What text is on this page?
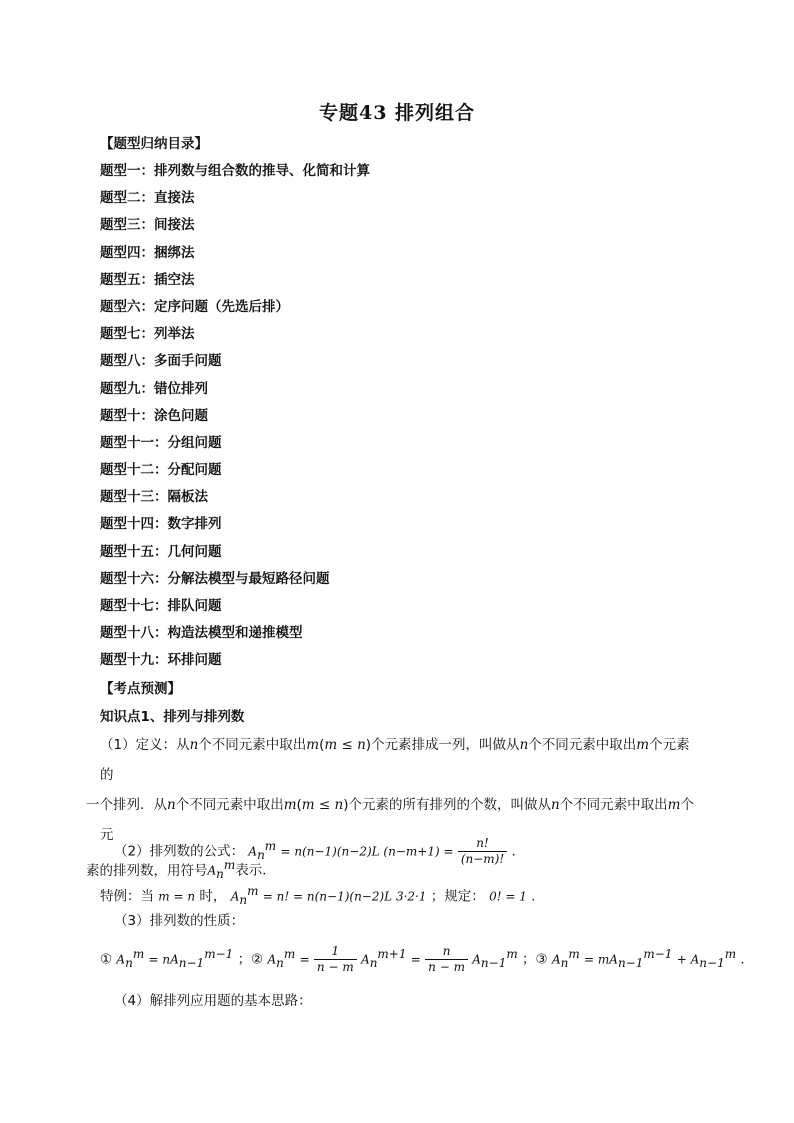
专题43 排列组合
【题型归纳目录】
题型一：排列数与组合数的推导、化简和计算
题型二：直接法
题型三：间接法
题型四：捆绑法
题型五：插空法
题型六：定序问题（先选后排）
题型七：列举法
题型八：多面手问题
题型九：错位排列
题型十：涂色问题
题型十一：分组问题
题型十二：分配问题
题型十三：隔板法
题型十四：数字排列
题型十五：几何问题
题型十六：分解法模型与最短路径问题
题型十七：排队问题
题型十八：构造法模型和递推模型
题型十九：环排问题
【考点预测】
知识点1、排列与排列数
（1）定义：从n个不同元素中取出m(m ≤ n)个元素排成一列，叫做从n个不同元素中取出m个元素的
一个排列．从n个不同元素中取出m(m ≤ n)个元素的所有排列的个数，叫做从n个不同元素中取出m个元
素的排列数，用符号$A_n^m$表示．
（2）排列数的公式： $A_n^m = n(n-1)(n-2)L$ $(n-m+1) = \frac{n!}{(n-m)!}$ .
特例：当 m = n 时， $A_n^m = n$! = n(n−1)(n−2)L 3·2·1 ；规定： 0! = 1 .
（3）排列数的性质：
① $A_n^m = nA_{n-1}^{m-1}$ ；② $A_n^m = \frac{1}{n - m} A_n^{m+1} = \frac{n}{n - m} A_{n-1}^m$ ；③ $A_n^m = mA_{n-1}^{m-1} + A_{n-1}^m$ .
（4）解排列应用题的基本思路：
